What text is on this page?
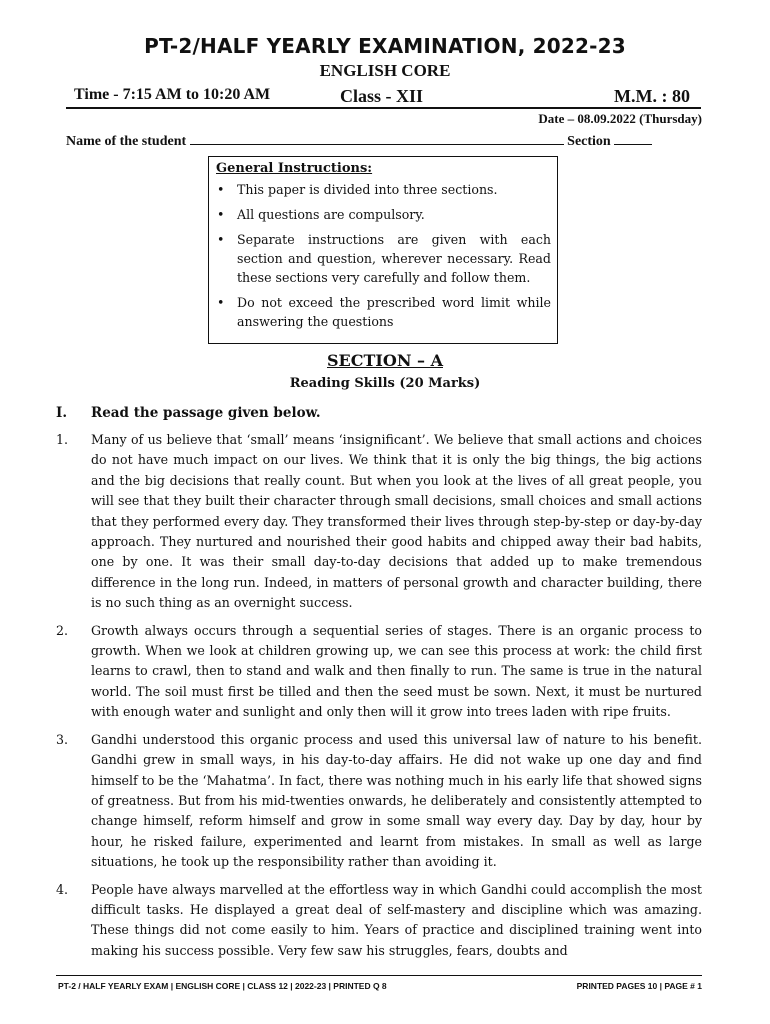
PT-2/HALF YEARLY EXAMINATION, 2022-23
ENGLISH CORE
Time - 7:15 AM to 10:20 AM	Class - XII	M.M. : 80
Date – 08.09.2022 (Thursday)
Name of the student	Section
General Instructions:
• This paper is divided into three sections.
• All questions are compulsory.
• Separate instructions are given with each section and question, wherever necessary. Read these sections very carefully and follow them.
• Do not exceed the prescribed word limit while answering the questions
SECTION – A
Reading Skills (20 Marks)
I. Read the passage given below.

1. Many of us believe that ‘small’ means ‘insignificant’. We believe that small actions and choices do not have much impact on our lives. We think that it is only the big things, the big actions and the big decisions that really count. But when you look at the lives of all great people, you will see that they built their character through small decisions, small choices and small actions that they performed every day. They transformed their lives through step-by-step or day-by-day approach. They nurtured and nourished their good habits and chipped away their bad habits, one by one. It was their small day-to-day decisions that added up to make tremendous difference in the long run. Indeed, in matters of personal growth and character building, there is no such thing as an overnight success.

2. Growth always occurs through a sequential series of stages. There is an organic process to growth. When we look at children growing up, we can see this process at work: the child first learns to crawl, then to stand and walk and then finally to run. The same is true in the natural world. The soil must first be tilled and then the seed must be sown. Next, it must be nurtured with enough water and sunlight and only then will it grow into trees laden with ripe fruits.

3. Gandhi understood this organic process and used this universal law of nature to his benefit. Gandhi grew in small ways, in his day-to-day affairs. He did not wake up one day and find himself to be the ‘Mahatma’. In fact, there was nothing much in his early life that showed signs of greatness. But from his mid-twenties onwards, he deliberately and consistently attempted to change himself, reform himself and grow in some small way every day. Day by day, hour by hour, he risked failure, experimented and learnt from mistakes. In small as well as large situations, he took up the responsibility rather than avoiding it.

4. People have always marvelled at the effortless way in which Gandhi could accomplish the most difficult tasks. He displayed a great deal of self-mastery and discipline which was amazing. These things did not come easily to him. Years of practice and disciplined training went into making his success possible. Very few saw his struggles, fears, doubts and

PT-2 / HALF YEARLY EXAM | ENGLISH CORE | CLASS 12 | 2022-23 | PRINTED Q 8	PRINTED PAGES 10 | PAGE # 1
